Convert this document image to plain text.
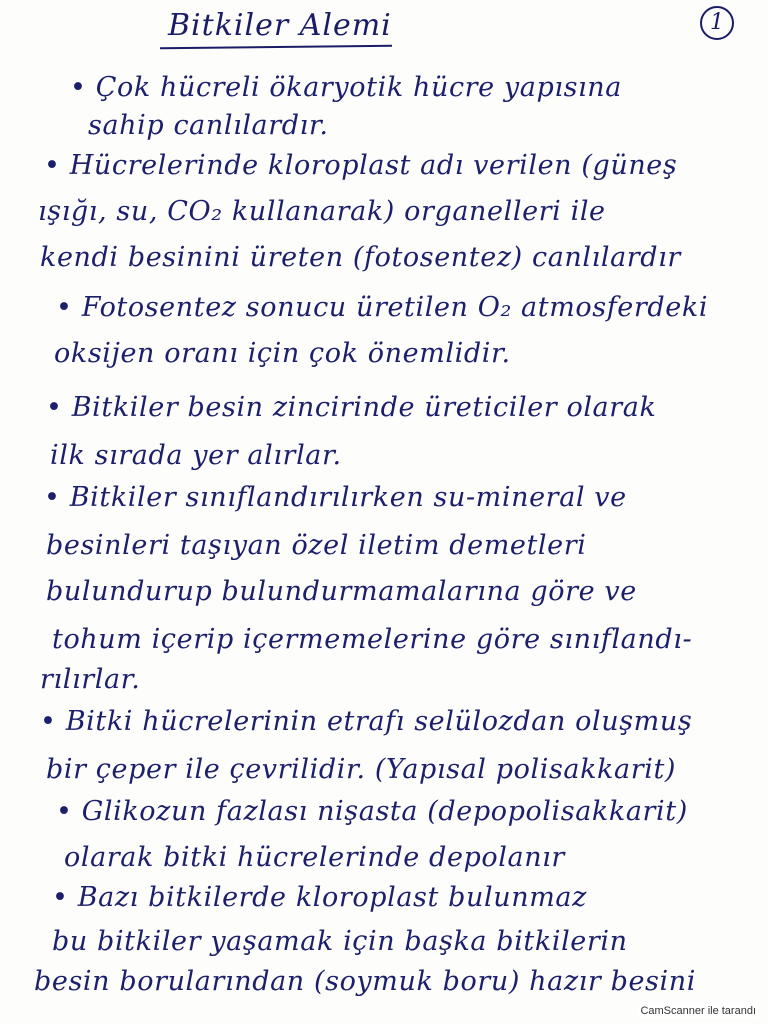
Bitkiler Alemi	1
• Çok hücreli ökaryotik hücre yapısına
sahip canlılardır.
• Hücrelerinde kloroplast adı verilen (güneş
ışığı, su, CO₂ kullanarak) organelleri ile
kendi besinini üreten (fotosentez) canlılardır
• Fotosentez sonucu üretilen O₂ atmosferdeki
oksijen oranı için çok önemlidir.
• Bitkiler besin zincirinde üreticiler olarak
ilk sırada yer alırlar.
• Bitkiler sınıflandırılırken su-mineral ve
besinleri taşıyan özel iletim demetleri
bulundurup bulundurmamalarına göre ve
tohum içerip içermemelerine göre sınıflandı-
rılırlar.
• Bitki hücrelerinin etrafı selülozdan oluşmuş
bir çeper ile çevrilidir. (Yapısal polisakkarit)
• Glikozun fazlası nişasta (depopolisakkarit)
olarak bitki hücrelerinde depolanır
• Bazı bitkilerde kloroplast bulunmaz
bu bitkiler yaşamak için başka bitkilerin
besin borularından (soymuk boru) hazır besini
CamScanner ile tarandı
